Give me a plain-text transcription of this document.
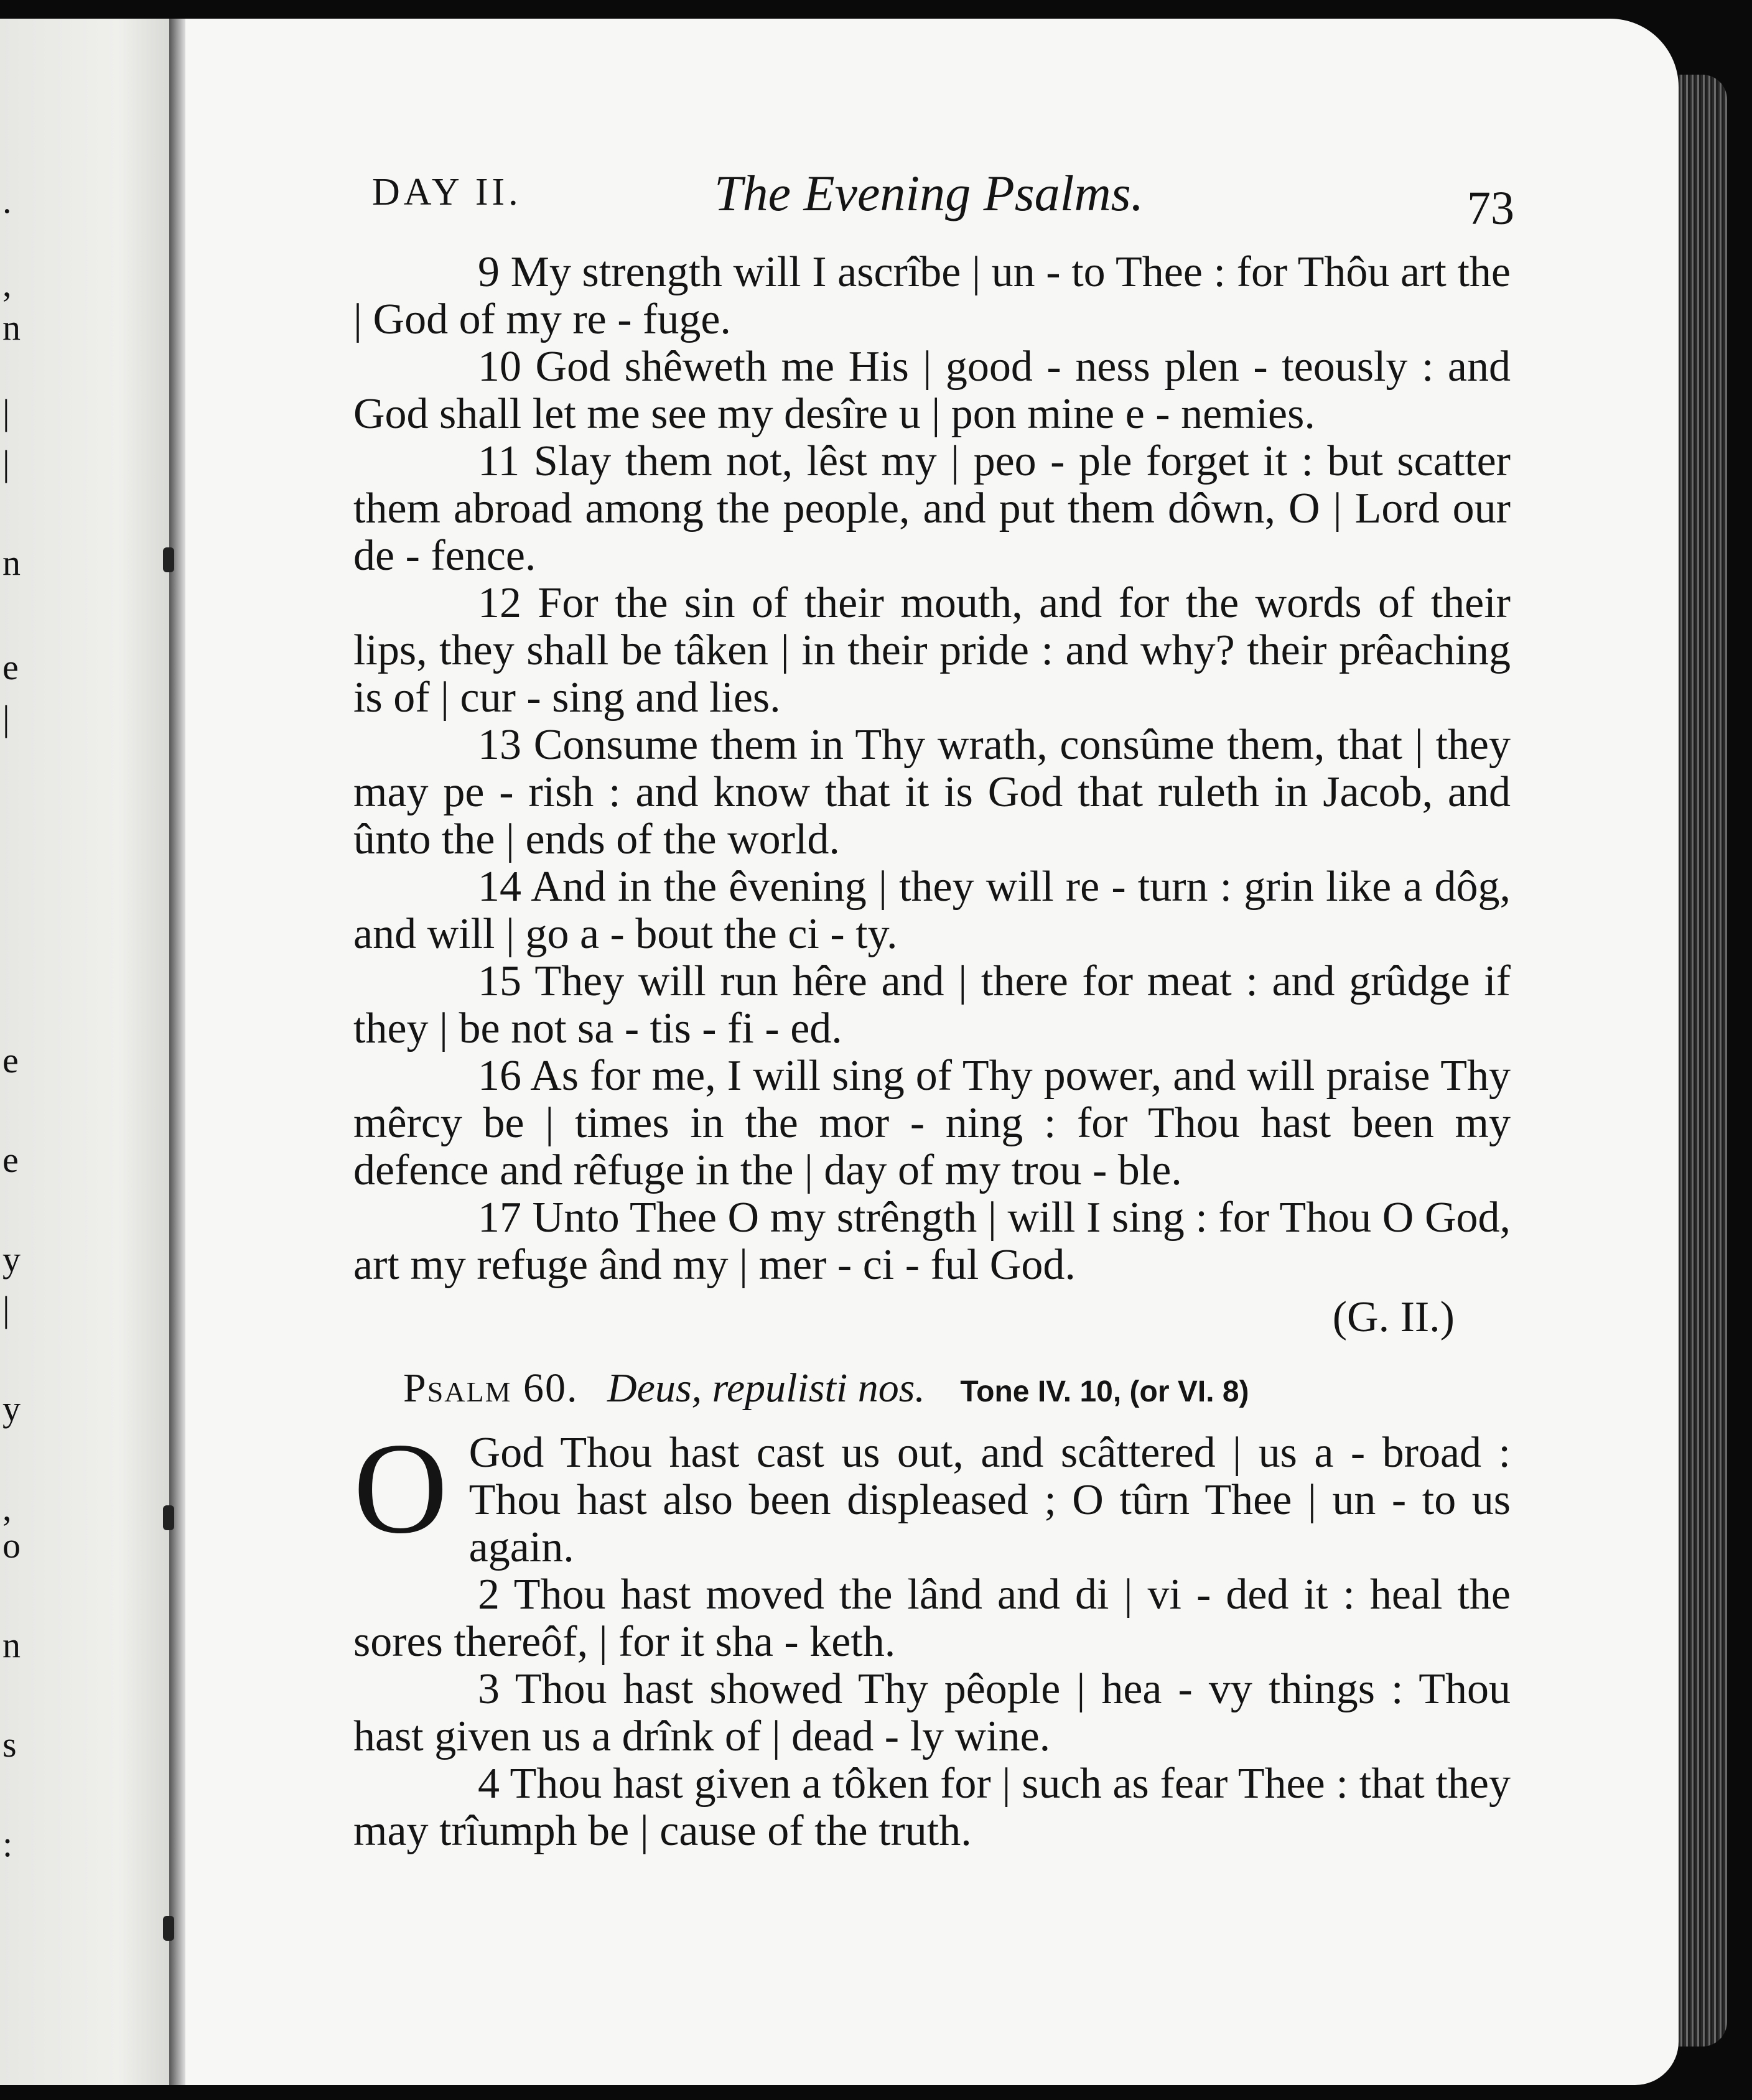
.
,
n
|
|
n
e
|
e
e
y
|
y
,
o
n
s
:
DAY II.	The Evening Psalms.	73

9 My strength will I ascrîbe | un - to Thee : for Thôu art the | God of my re - fuge.

10 God shêweth me His | good - ness plen - teously : and God shall let me see my desîre u | pon mine e - nemies.

11 Slay them not, lêst my | peo - ple forget it : but scatter them abroad among the people, and put them dôwn, O | Lord our de - fence.

12 For the sin of their mouth, and for the words of their lips, they shall be tâken | in their pride : and why? their prêaching is of | cur - sing and lies.

13 Consume them in Thy wrath, consûme them, that | they may pe - rish : and know that it is God that ruleth in Jacob, and ûnto the | ends of the world.

14 And in the êvening | they will re - turn : grin like a dôg, and will | go a - bout the ci - ty.

15 They will run hêre and | there for meat : and grûdge if they | be not sa - tis - fi - ed.

16 As for me, I will sing of Thy power, and will praise Thy mêrcy be | times in the mor - ning : for Thou hast been my defence and rêfuge in the | day of my trou - ble.

17 Unto Thee O my strêngth | will I sing : for Thou O God, art my refuge ând my | mer - ci - ful God.

(G. II.)
Psalm 60. Deus, repulisti nos. Tone IV. 10, (or VI. 8)
O God Thou hast cast us out, and scâttered | us a - broad : Thou hast also been displeased ; O tûrn Thee | un - to us again.

2 Thou hast moved the lând and di | vi - ded it : heal the sores thereôf, | for it sha - keth.

3 Thou hast showed Thy pêople | hea - vy things : Thou hast given us a drînk of | dead - ly wine.

4 Thou hast given a tôken for | such as fear Thee : that they may trîumph be | cause of the truth.
